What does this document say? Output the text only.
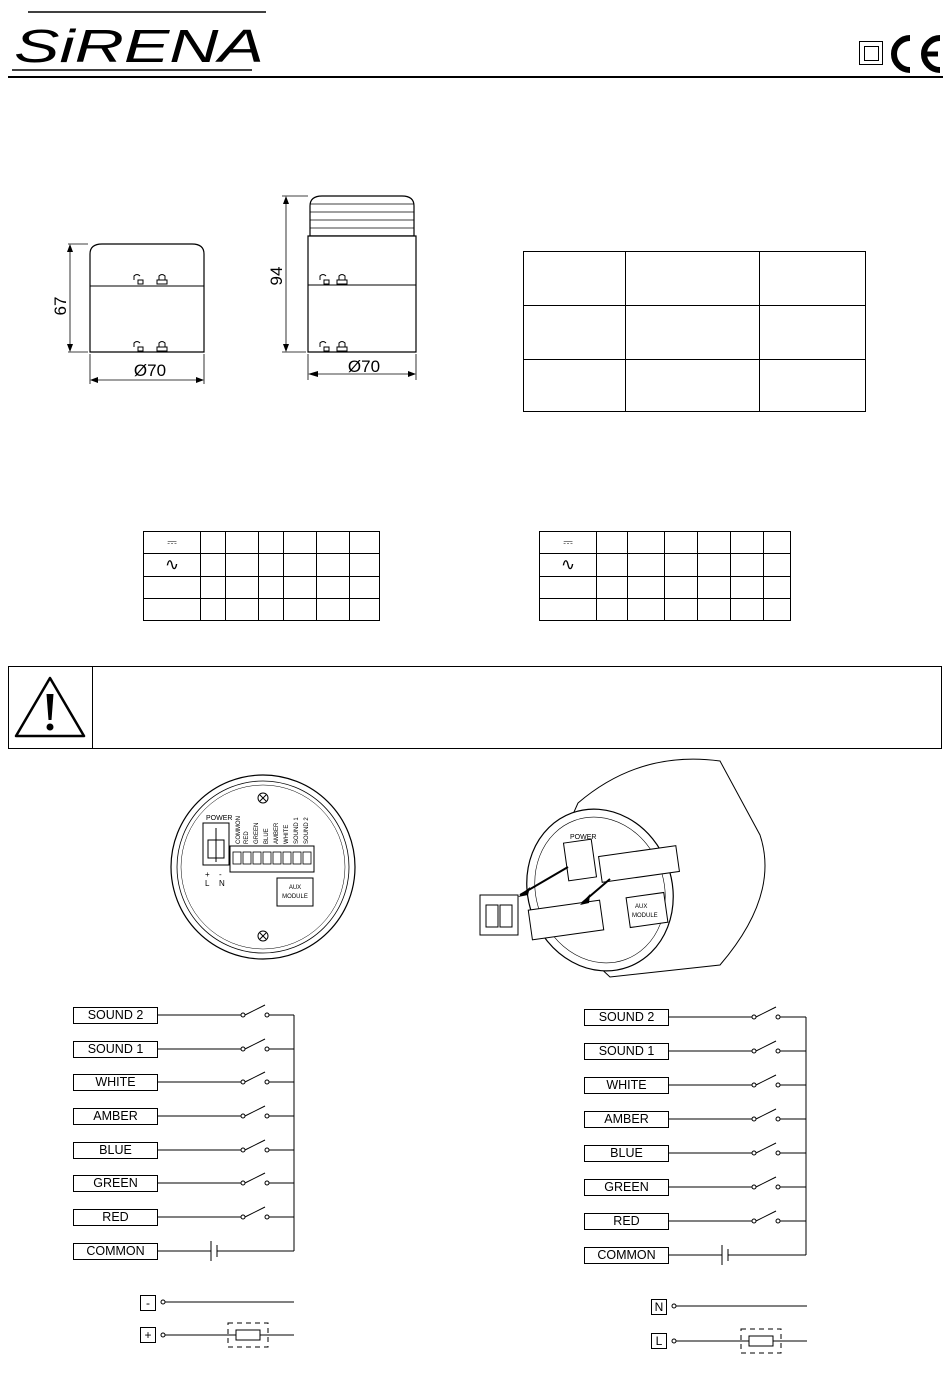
SiRENA
67
Ø70
94
Ø70

⎓						
∿						

⎓						
∿						

POWER COMMON RED GREEN BLUE AMBER WHITE SOUND 1 SOUND 2
+ -
L N	AUX
MODULE
POWER
AUX
MODULE
SOUND 2
SOUND 1
WHITE
AMBER
BLUE
GREEN
RED
COMMON
-
+
SOUND 2
SOUND 1
WHITE
AMBER
BLUE
GREEN
RED
COMMON
N
L
